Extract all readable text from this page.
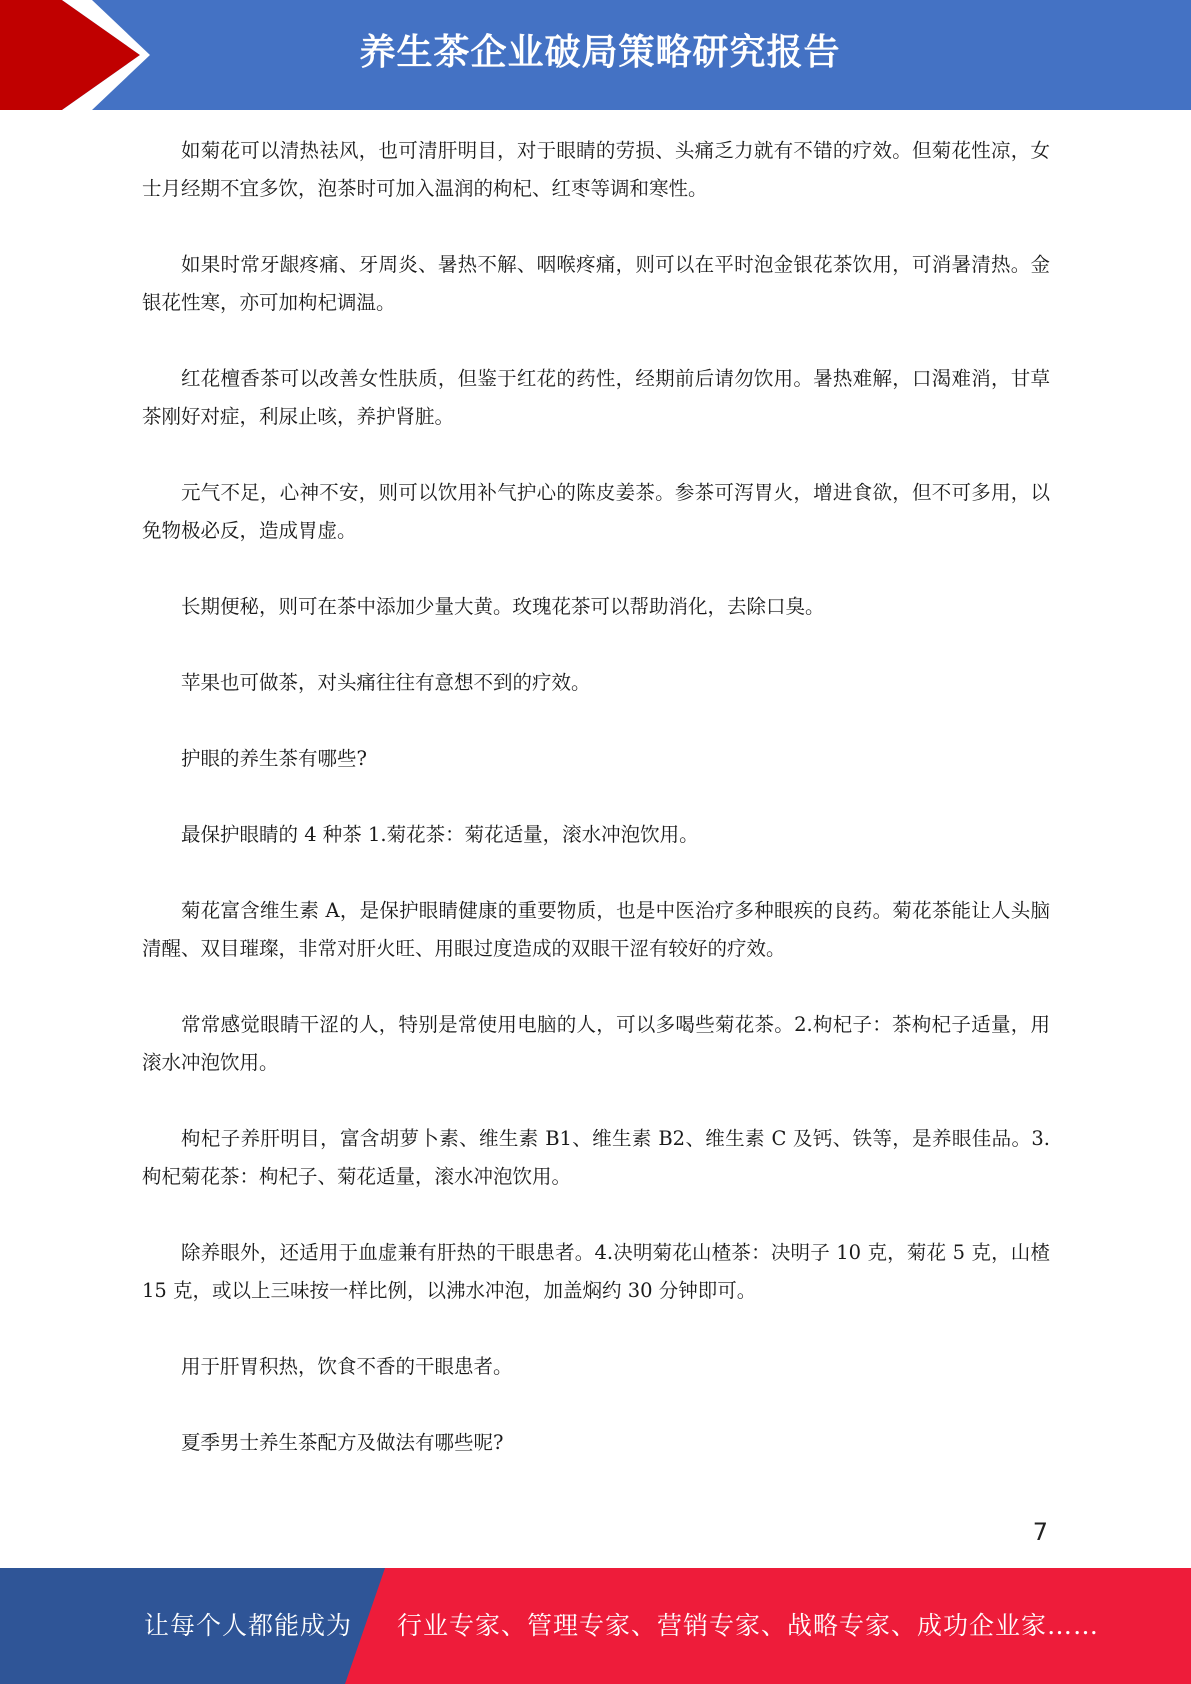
养生茶企业破局策略研究报告

如菊花可以清热祛风，也可清肝明目，对于眼睛的劳损、头痛乏力就有不错的疗效。但菊花性凉，女士月经期不宜多饮，泡茶时可加入温润的枸杞、红枣等调和寒性。

如果时常牙龈疼痛、牙周炎、暑热不解、咽喉疼痛，则可以在平时泡金银花茶饮用，可消暑清热。金银花性寒，亦可加枸杞调温。

红花檀香茶可以改善女性肤质，但鉴于红花的药性，经期前后请勿饮用。暑热难解，口渴难消，甘草茶刚好对症，利尿止咳，养护肾脏。

元气不足，心神不安，则可以饮用补气护心的陈皮姜茶。参茶可泻胃火，增进食欲，但不可多用，以免物极必反，造成胃虚。

长期便秘，则可在茶中添加少量大黄。玫瑰花茶可以帮助消化，去除口臭。

苹果也可做茶，对头痛往往有意想不到的疗效。

护眼的养生茶有哪些?

最保护眼睛的 4 种茶 1.菊花茶：菊花适量，滚水冲泡饮用。

菊花富含维生素 A，是保护眼睛健康的重要物质，也是中医治疗多种眼疾的良药。菊花茶能让人头脑清醒、双目璀璨，非常对肝火旺、用眼过度造成的双眼干涩有较好的疗效。

常常感觉眼睛干涩的人，特别是常使用电脑的人，可以多喝些菊花茶。2.枸杞子：茶枸杞子适量，用滚水冲泡饮用。

枸杞子养肝明目，富含胡萝卜素、维生素 B1、维生素 B2、维生素 C 及钙、铁等，是养眼佳品。3.枸杞菊花茶：枸杞子、菊花适量，滚水冲泡饮用。

除养眼外，还适用于血虚兼有肝热的干眼患者。4.决明菊花山楂茶：决明子 10 克，菊花 5 克，山楂 15 克，或以上三味按一样比例，以沸水冲泡，加盖焖约 30 分钟即可。

用于肝胃积热，饮食不香的干眼患者。

夏季男士养生茶配方及做法有哪些呢?

7
让每个人都能成为 行业专家、管理专家、营销专家、战略专家、成功企业家……
